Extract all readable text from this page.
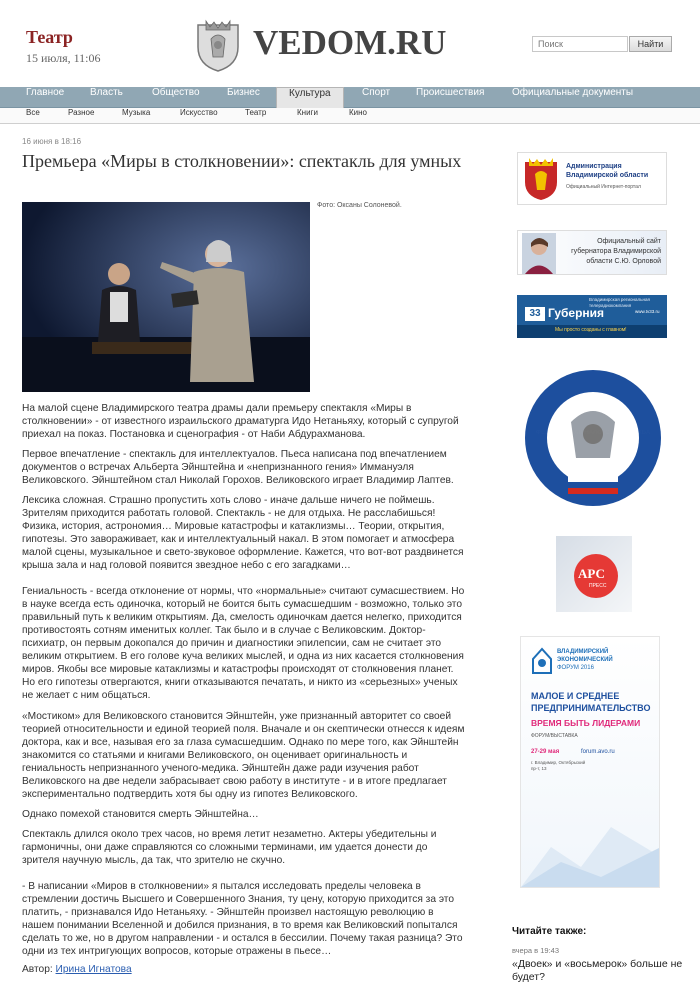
Театр
15 июля, 11:06	VEDOM.RU
Поиск	Найти
Главное	Власть	Общество	Бизнес	Культура	Спорт	Происшествия	Официальные документы
Все	Разное	Музыка	Искусство	Театр	Книги	Кино
16 июня в 18:16
Премьера «Миры в столкновении»: спектакль для умных
Фото: Оксаны Солоневой.

На малой сцене Владимирского театра драмы дали премьеру спектакля «Миры в столкновении» - от известного израильского драматурга Идо Нетаньяху, который с супругой приехал на показ. Постановка и сценография - от Наби Абдурахманова.

Первое впечатление - спектакль для интеллектуалов. Пьеса написана под впечатлением документов о встречах Альберта Эйнштейна и «непризнанного гения» Иммануэля Великовского. Эйнштейном стал Николай Горохов. Великовского играет Владимир Лаптев.

Лексика сложная. Страшно пропустить хоть слово - иначе дальше ничего не поймешь. Зрителям приходится работать головой. Спектакль - не для отдыха. Не расслабишься! Физика, история, астрономия… Мировые катастрофы и катаклизмы… Теории, открытия, гипотезы. Это завораживает, как и интеллектуальный накал. В этом помогает и атмосфера малой сцены, музыкальное и свето-звуковое оформление. Кажется, что вот-вот раздвинется крыша зала и над головой появится звездное небо с его загадками…

Гениальность - всегда отклонение от нормы, что «нормальные» считают сумасшествием. Но в науке всегда есть одиночка, который не боится быть сумасшедшим - возможно, только это правильный путь к великим открытиям. Да, смелость одиночкам дается нелегко, приходится противостоять сотням именитых коллег. Так было и в случае с Великовским. Доктор-психиатр, он первым докопался до причин и диагностики эпилепсии, сам не считает это великим открытием. В его голове куча великих мыслей, и одна из них касается столкновения миров. Якобы все мировые катаклизмы и катастрофы происходят от столкновения планет. Но его гипотезы отвергаются, книги отказываются печатать, и никто из «серьезных» ученых не желает с ним общаться.

«Мостиком» для Великовского становится Эйнштейн, уже признанный авторитет со своей теорией относительности и единой теорией поля. Вначале и он скептически отнесся к идеям доктора, как и все, называя его за глаза сумасшедшим. Однако по мере того, как Эйнштейн знакомится со статьями и книгами Великовского, он оценивает оригинальность и гениальность непризнанного ученого-медика. Эйнштейн даже ради изучения работ Великовского на две недели забрасывает свою работу в институте - и в итоге предлагает экспериментально подтвердить хотя бы одну из гипотез Великовского.

Однако помехой становится смерть Эйнштейна…

Спектакль длился около трех часов, но время летит незаметно. Актеры убедительны и гармоничны, они даже справляются со сложными терминами, им удается донести до зрителя научную мысль, да так, что зрителю не скучно.

- В написании «Миров в столкновении» я пытался исследовать пределы человека в стремлении достичь Высшего и Совершенного Знания, ту цену, которую приходится за это платить, - признавался Идо Нетаньяху. - Эйнштейн произвел настоящую революцию в нашем понимании Вселенной и добился признания, в то время как Великовский попытался сделать то же, но в другом направлении - и остался в бессилии. Почему такая разница? Это одни из тех интригующих вопросов, которые отражены в пьесе…

Автор: Ирина Игнатова
Администрация
Владимирской области
Официальный Интернет-портал
Официальный сайт
губернатора Владимирской
области С.Ю. Орловой
Владимирская региональная
телерадиокомпания
www.tv33.ru
33 Губерния
Мы просто созданы с главном!
АРС
ПРЕСС
ВЛАДИМИРСКИЙ
ЭКОНОМИЧЕСКИЙ
ФОРУМ 2016
МАЛОЕ И СРЕДНЕЕ
ПРЕДПРИНИМАТЕЛЬСТВО
ВРЕМЯ БЫТЬ ЛИДЕРАМИ
ФОРУМ/ВЫСТАВКА
27-29 мая	forum.avo.ru
г. Владимир, Октябрьский пр-т, 13
Читайте также:
вчера в 19:43
«Двоек» и «восьмерок» больше не будет?
